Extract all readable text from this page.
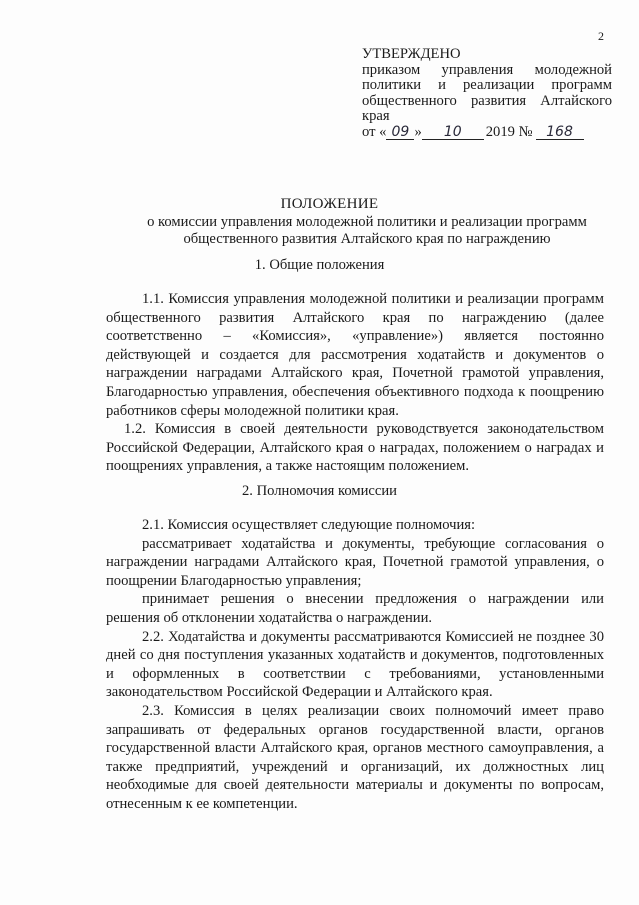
2
УТВЕРЖДЕНО
приказом управления молодежной
политики и реализации программ
общественного развития Алтайского
края
от « 09 »	10	2019 № 168
ПОЛОЖЕНИЕ
о комиссии управления молодежной политики и реализации программ общественного развития Алтайского края по награждению
1. Общие положения

1.1. Комиссия управления молодежной политики и реализации программ общественного развития Алтайского края по награждению (далее соответственно – «Комиссия», «управление») является постоянно действующей и создается для рассмотрения ходатайств и документов о награждении наградами Алтайского края, Почетной грамотой управления, Благодарностью управления, обеспечения объективного подхода к поощрению работников сферы молодежной политики края.

1.2. Комиссия в своей деятельности руководствуется законодательством Российской Федерации, Алтайского края о наградах, положением о наградах и поощрениях управления, а также настоящим положением.

2. Полномочия комиссии

2.1. Комиссия осуществляет следующие полномочия:

рассматривает ходатайства и документы, требующие согласования о награждении наградами Алтайского края, Почетной грамотой управления, о поощрении Благодарностью управления;

принимает решения о внесении предложения о награждении или решения об отклонении ходатайства о награждении.

2.2. Ходатайства и документы рассматриваются Комиссией не позднее 30 дней со дня поступления указанных ходатайств и документов, подготовленных и оформленных в соответствии с требованиями, установленными законодательством Российской Федерации и Алтайского края.

2.3. Комиссия в целях реализации своих полномочий имеет право запрашивать от федеральных органов государственной власти, органов государственной власти Алтайского края, органов местного самоуправления, а также предприятий, учреждений и организаций, их должностных лиц необходимые для своей деятельности материалы и документы по вопросам, отнесенным к ее компетенции.
